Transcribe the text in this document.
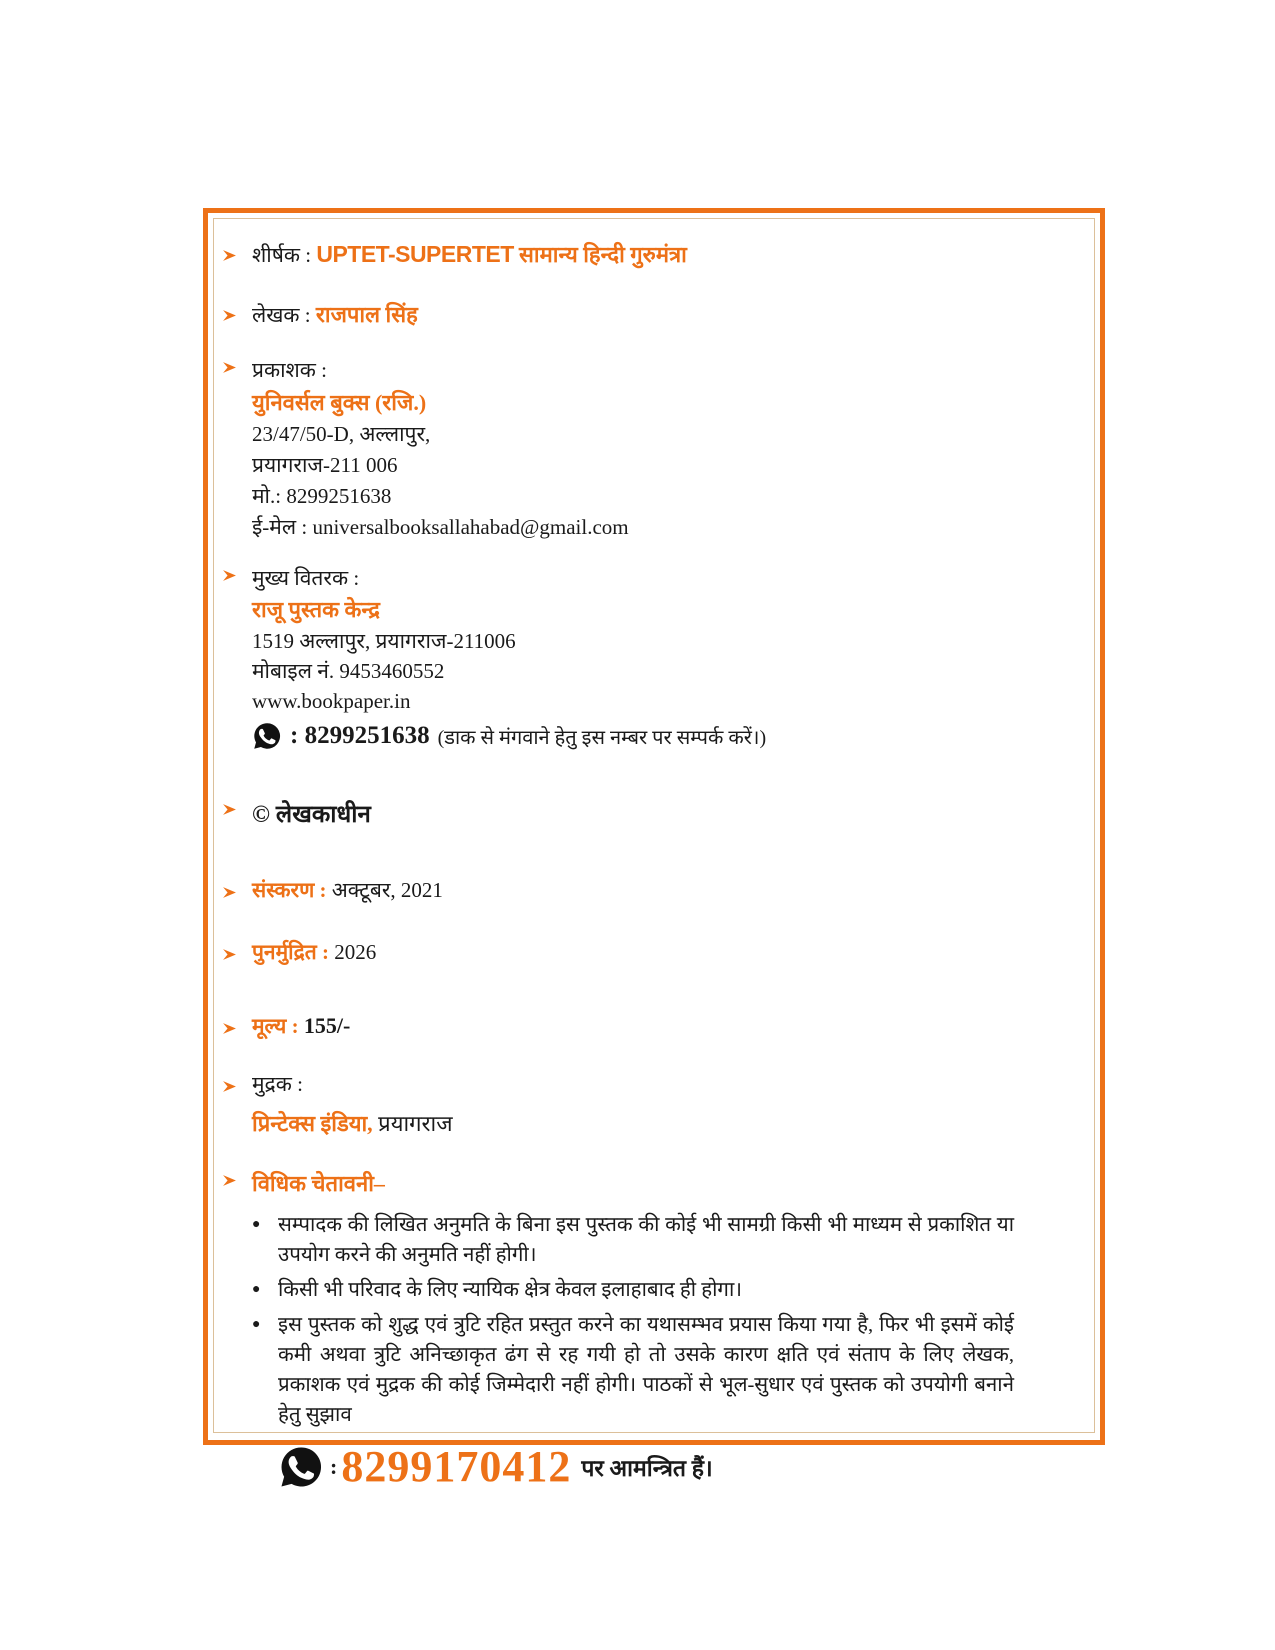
शीर्षक : UPTET-SUPERTET सामान्य हिन्दी गुरुमंत्रा
लेखक : राजपाल सिंह
प्रकाशक :
युनिवर्सल बुक्स (रजि.)
23/47/50-D, अल्लापुर,
प्रयागराज-211 006
मो.: 8299251638
ई-मेल : universalbooksallahabad@gmail.com
मुख्य वितरक :
राजू पुस्तक केन्द्र
1519 अल्लापुर, प्रयागराज-211006
मोबाइल नं. 9453460552
www.bookpaper.in
: 8299251638 (डाक से मंगवाने हेतु इस नम्बर पर सम्पर्क करें।)
© लेखकाधीन
संस्करण : अक्टूबर, 2021
पुनर्मुद्रित : 2026
मूल्य : 155/-
मुद्रक :
प्रिन्टेक्स इंडिया, प्रयागराज
विधिक चेतावनी–
● सम्पादक की लिखित अनुमति के बिना इस पुस्तक की कोई भी सामग्री किसी भी माध्यम से प्रकाशित या उपयोग करने की अनुमति नहीं होगी।
● किसी भी परिवाद के लिए न्यायिक क्षेत्र केवल इलाहाबाद ही होगा।
● इस पुस्तक को शुद्ध एवं त्रुटि रहित प्रस्तुत करने का यथासम्भव प्रयास किया गया है, फिर भी इसमें कोई कमी अथवा त्रुटि अनिच्छाकृत ढंग से रह गयी हो तो उसके कारण क्षति एवं संताप के लिए लेखक, प्रकाशक एवं मुद्रक की कोई जिम्मेदारी नहीं होगी। पाठकों से भूल-सुधार एवं पुस्तक को उपयोगी बनाने हेतु सुझाव
: 8299170412 पर आमन्त्रित हैं।
